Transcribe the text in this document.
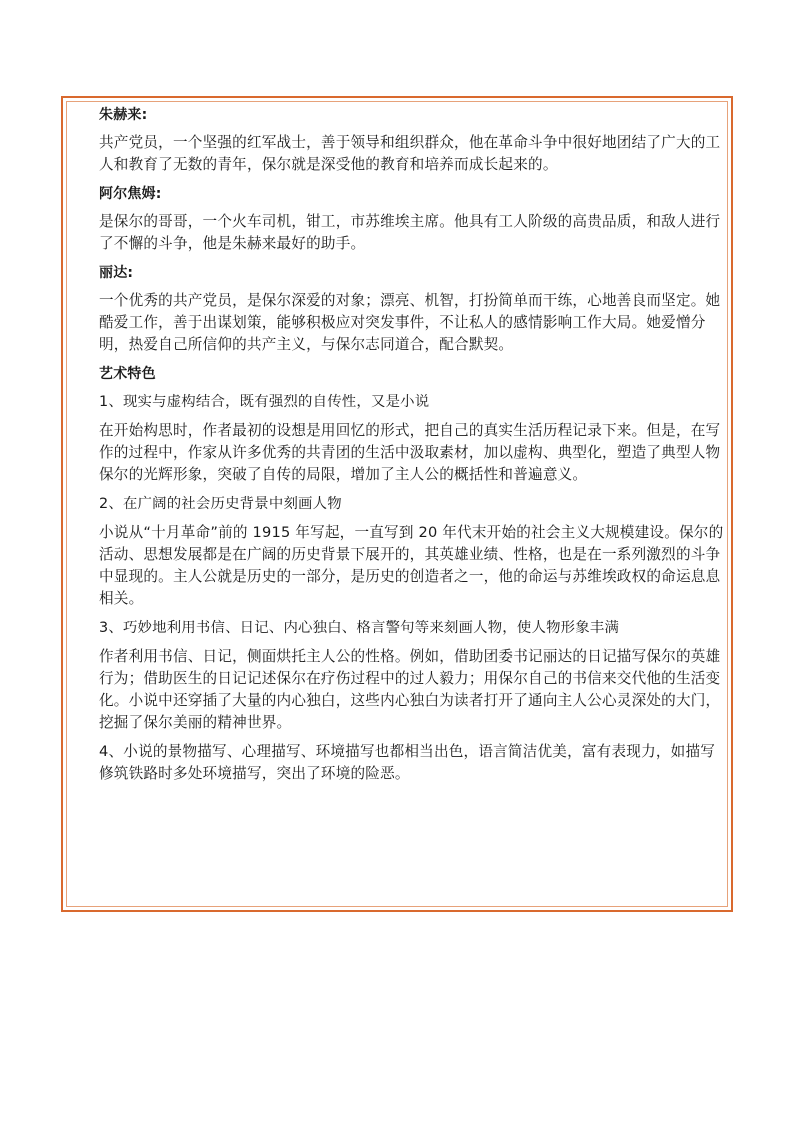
朱赫来:

共产党员，一个坚强的红军战士，善于领导和组织群众，他在革命斗争中很好地团结了广大的工人和教育了无数的青年，保尔就是深受他的教育和培养而成长起来的。

阿尔焦姆:

是保尔的哥哥，一个火车司机，钳工，市苏维埃主席。他具有工人阶级的高贵品质，和敌人进行了不懈的斗争，他是朱赫来最好的助手。

丽达:

一个优秀的共产党员，是保尔深爱的对象；漂亮、机智，打扮简单而干练，心地善良而坚定。她酷爱工作，善于出谋划策，能够积极应对突发事件，不让私人的感情影响工作大局。她爱憎分明，热爱自己所信仰的共产主义，与保尔志同道合，配合默契。

艺术特色

1、现实与虚构结合，既有强烈的自传性，又是小说

在开始构思时，作者最初的设想是用回忆的形式，把自己的真实生活历程记录下来。但是，在写作的过程中，作家从许多优秀的共青团的生活中汲取素材，加以虚构、典型化，塑造了典型人物保尔的光辉形象，突破了自传的局限，增加了主人公的概括性和普遍意义。

2、在广阔的社会历史背景中刻画人物

小说从“十月革命”前的 1915 年写起，一直写到 20 年代末开始的社会主义大规模建设。保尔的活动、思想发展都是在广阔的历史背景下展开的，其英雄业绩、性格，也是在一系列激烈的斗争中显现的。主人公就是历史的一部分，是历史的创造者之一，他的命运与苏维埃政权的命运息息相关。

3、巧妙地利用书信、日记、内心独白、格言警句等来刻画人物，使人物形象丰满

作者利用书信、日记，侧面烘托主人公的性格。例如，借助团委书记丽达的日记描写保尔的英雄行为；借助医生的日记记述保尔在疗伤过程中的过人毅力；用保尔自己的书信来交代他的生活变化。小说中还穿插了大量的内心独白，这些内心独白为读者打开了通向主人公心灵深处的大门，挖掘了保尔美丽的精神世界。

4、小说的景物描写、心理描写、环境描写也都相当出色，语言简洁优美，富有表现力，如描写修筑铁路时多处环境描写，突出了环境的险恶。
